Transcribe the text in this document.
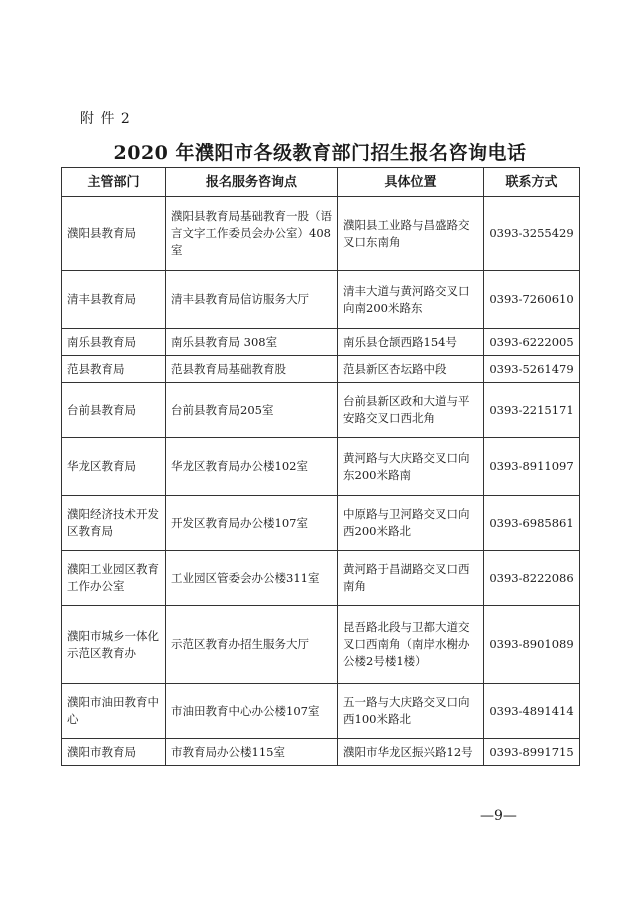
附 件 2
2020 年濮阳市各级教育部门招生报名咨询电话
主管部门	报名服务咨询点	具体位置	联系方式
濮阳县教育局	濮阳县教育局基础教育一股（语言文字工作委员会办公室）408室	濮阳县工业路与昌盛路交叉口东南角	0393-3255429
清丰县教育局	清丰县教育局信访服务大厅	清丰大道与黄河路交叉口向南200米路东	0393-7260610
南乐县教育局	南乐县教育局 308室	南乐县仓颉西路154号	0393-6222005
范县教育局	范县教育局基础教育股	范县新区杏坛路中段	0393-5261479
台前县教育局	台前县教育局205室	台前县新区政和大道与平安路交叉口西北角	0393-2215171
华龙区教育局	华龙区教育局办公楼102室	黄河路与大庆路交叉口向东200米路南	0393-8911097
濮阳经济技术开发区教育局	开发区教育局办公楼107室	中原路与卫河路交叉口向西200米路北	0393-6985861
濮阳工业园区教育工作办公室	工业园区管委会办公楼311室	黄河路于昌湖路交叉口西南角	0393-8222086
濮阳市城乡一体化示范区教育办	示范区教育办招生服务大厅	昆吾路北段与卫都大道交叉口西南角（南岸水榭办公楼2号楼1楼）	0393-8901089
濮阳市油田教育中心	市油田教育中心办公楼107室	五一路与大庆路交叉口向西100米路北	0393-4891414
濮阳市教育局	市教育局办公楼115室	濮阳市华龙区振兴路12号	0393-8991715
—9—
